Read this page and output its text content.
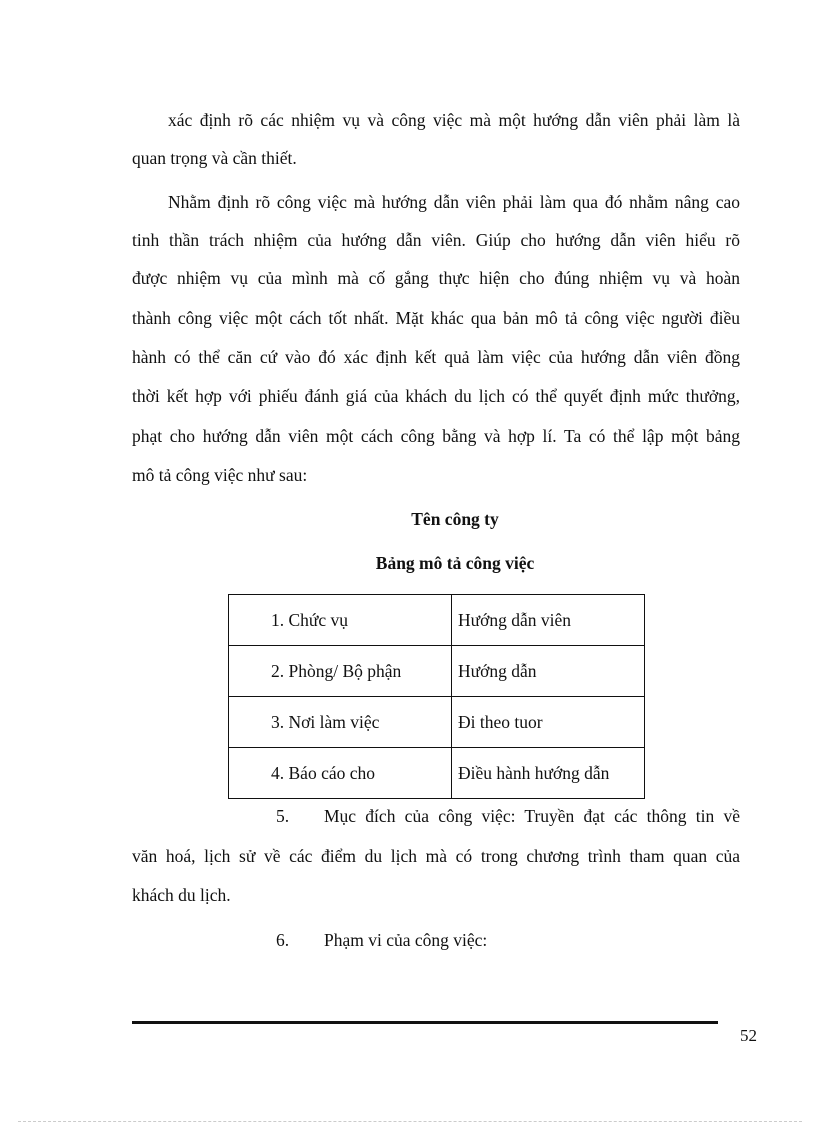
xác định rõ các nhiệm vụ và công việc mà một hướng dẫn viên phải làm là
quan trọng và cần thiết.
Nhằm định rõ công việc mà hướng dẫn viên phải làm qua đó nhằm nâng cao
tinh thần trách nhiệm của hướng dẫn viên. Giúp cho hướng dẫn viên hiểu rõ
được nhiệm vụ của mình mà cố gắng thực hiện cho đúng nhiệm vụ và hoàn
thành công việc một cách tốt nhất. Mặt khác qua bản mô tả công việc người điều
hành có thể căn cứ vào đó xác định kết quả làm việc của hướng dẫn viên đồng
thời kết hợp với phiếu đánh giá của khách du lịch có thể quyết định mức thưởng,
phạt cho hướng dẫn viên một cách công bằng và hợp lí. Ta có thể lập một bảng
mô tả công việc như sau:
Tên công ty
Bảng mô tả công việc
1. Chức vụ	Hướng dẫn viên
2. Phòng/ Bộ phận	Hướng dẫn
3. Nơi làm việc	Đi theo tuor
4. Báo cáo cho	Điều hành hướng dẫn
5. Mục đích của công việc: Truyền đạt các thông tin về
văn hoá, lịch sử về các điểm du lịch mà có trong chương trình tham quan của
khách du lịch.
6. Phạm vi của công việc:
52
